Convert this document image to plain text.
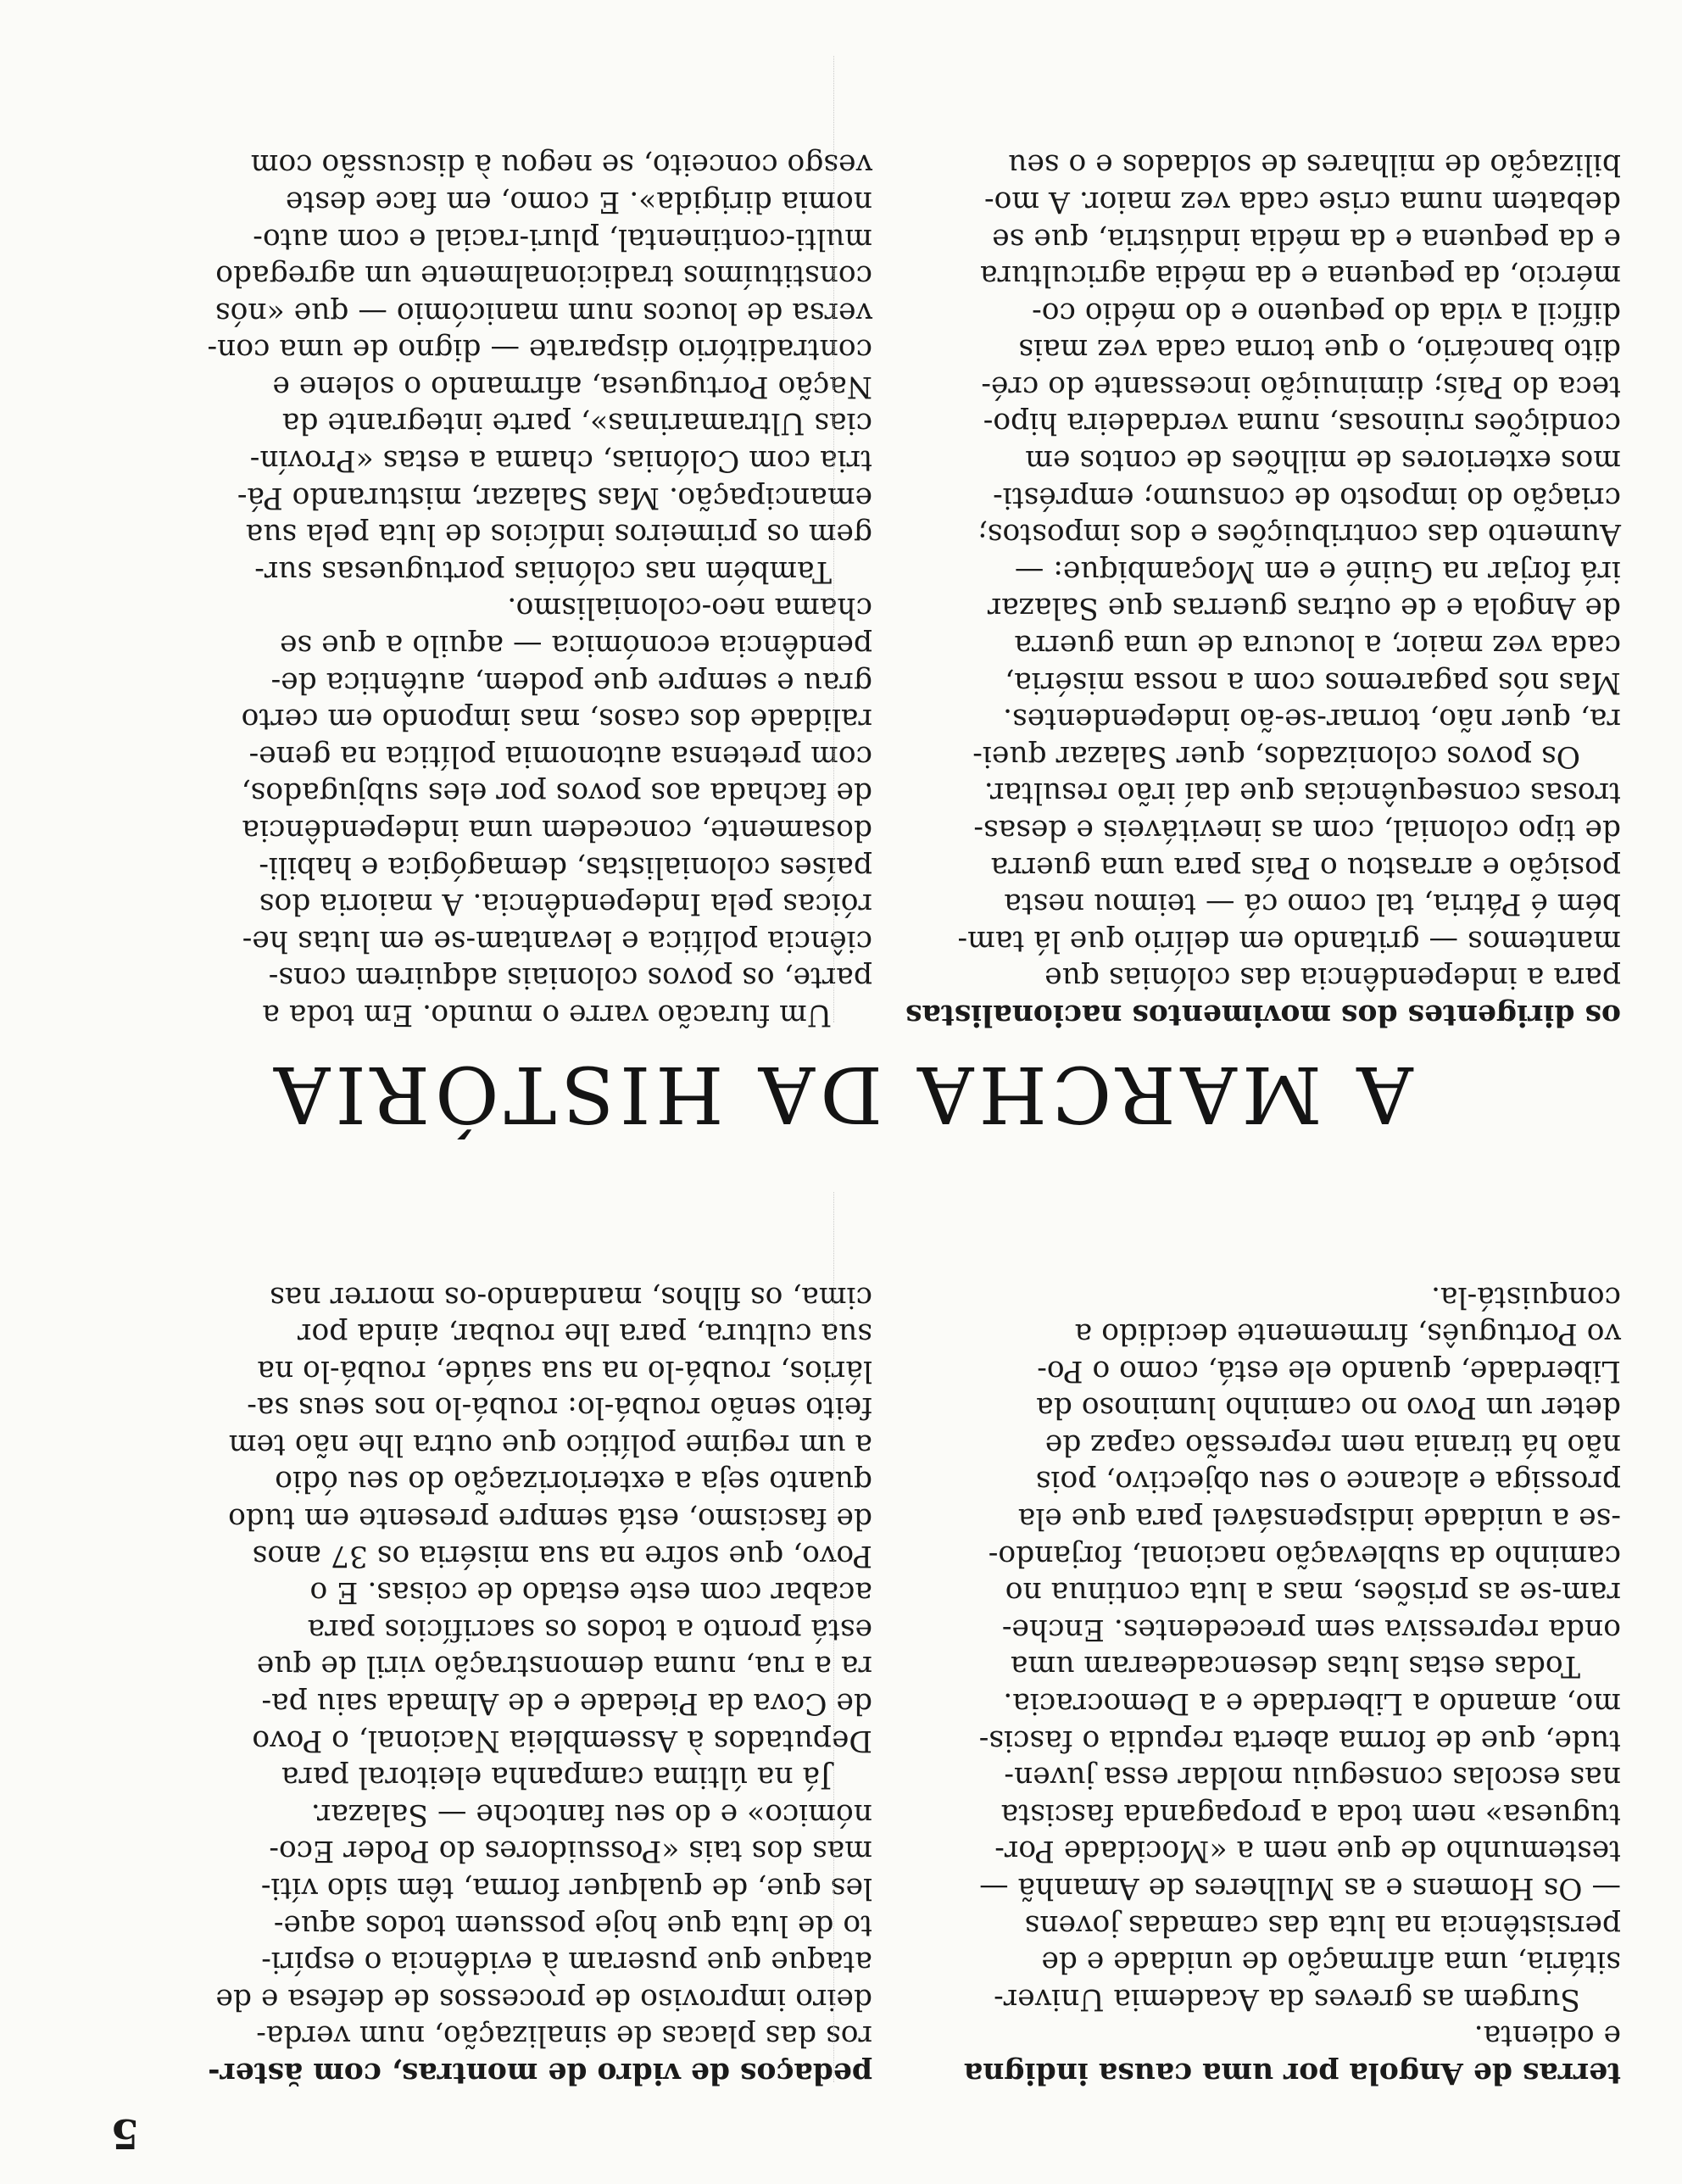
5

pedaços de vidro de montras, com ăster-

ros das placas de sinalização, num verda-

deiro improviso de processos de defesa e de

ataque que puseram à evidência o espíri-

to de luta que hoje possuem todos aque-

les que, de qualquer forma, têm sido víti-

mas dos tais «Possuidores do Poder Eco-

nómico» e do seu fantoche — Salazar.

Já na última campanha eleitoral para

Deputados à Assembleia Nacional, o Povo

de Cova da Piedade e de Almada saiu pa-

ra a rua, numa demonstração viril de que

está pronto a todos os sacrifícios para

acabar com este estado de coisas. E o

Povo, que sofre na sua miséria os 37 anos

de fascismo, está sempre presente em tudo

quanto seja a exteriorização do seu ódio

a um regime político que outra lhe não tem

feito senão roubá-lo: roubá-lo nos seus sa-

lários, roubá-lo na sua saúde, roubá-lo na

sua cultura, para lhe roubar, ainda por

cima, os filhos, mandando-os morrer nas

terras de Angola por uma causa indigna

e odienta.

Surgem as greves da Academia Univer-

sitária, uma afirmação de unidade e de

persistência na luta das camadas jovens

— Os Homens e as Mulheres de Amanhã —

testemunho de que nem a «Mocidade Por-

tuguesa» nem toda a propaganda fascista

nas escolas conseguiu moldar essa juven-

tude, que de forma aberta repudia o fascis-

mo, amando a Liberdade e a Democracia.

Todas estas lutas desencadearam uma

onda repressiva sem precedentes. Enche-

ram-se as prisões, mas a luta continua no

caminho da sublevação nacional, forjando-

-se a unidade indispensável para que ela

prossiga e alcance o seu objectivo, pois

não há tirania nem repressão capaz de

deter um Povo no caminho luminoso da

Liberdade, quando ele está, como o Po-

vo Português, firmemente decidido a

conquistá-la.

A MARCHA DA HISTÓRIA

Um furacão varre o mundo. Em toda a

parte, os povos coloniais adquirem cons-

ciência política e levantam-se em lutas he-

róicas pela Independência. A maioria dos

países colonialistas, demagógica e habili-

dosamente, concedem uma independência

de fachada aos povos por eles subjugados,

com pretensa autonomia política na gene-

ralidade dos casos, mas impondo em certo

grau e sempre que podem, autêntica de-

pendência económica — aquilo a que se

chama neo-colonialismo.

Também nas colónias portuguesas sur-

gem os primeiros indícios de luta pela sua

emancipação. Mas Salazar, misturando Pá-

tria com Colónias, chama a estas «Provín-

cias Ultramarinas», parte integrante da

Nação Portuguesa, afirmando o solene e

contraditório disparate — digno de uma con-

versa de loucos num manicómio — que «nós

constituímos tradicionalmente um agregado

multi-continental, pluri-racial e com auto-

nomia dirigida». E como, em face deste

vesgo conceito, se negou à discussão com

os dirigentes dos movimentos nacionalistas

para a independência das colónias que

mantemos — gritando em delírio que lá tam-

bém é Pátria, tal como cá — teimou nesta

posição e arrastou o País para uma guerra

de tipo colonial, com as inevitáveis e desas-

trosas consequências que daí irão resultar.

Os povos colonizados, quer Salazar quei-

ra, quer não, tornar-se-ão independentes.

Mas nós pagaremos com a nossa miséria,

cada vez maior, a loucura de uma guerra

de Angola e de outras guerras que Salazar

irá forjar na Guiné e em Moçambique: —

Aumento das contribuições e dos impostos;

criação do imposto de consumo; emprésti-

mos exteriores de milhões de contos em

condições ruinosas, numa verdadeira hipo-

teca do País; diminuição incessante do cré-

dito bancário, o que torna cada vez mais

difícil a vida do pequeno e do médio co-

mércio, da pequena e da média agricultura

e da pequena e da média indústria, que se

debatem numa crise cada vez maior. A mo-

bilização de milhares de soldados e o seu
